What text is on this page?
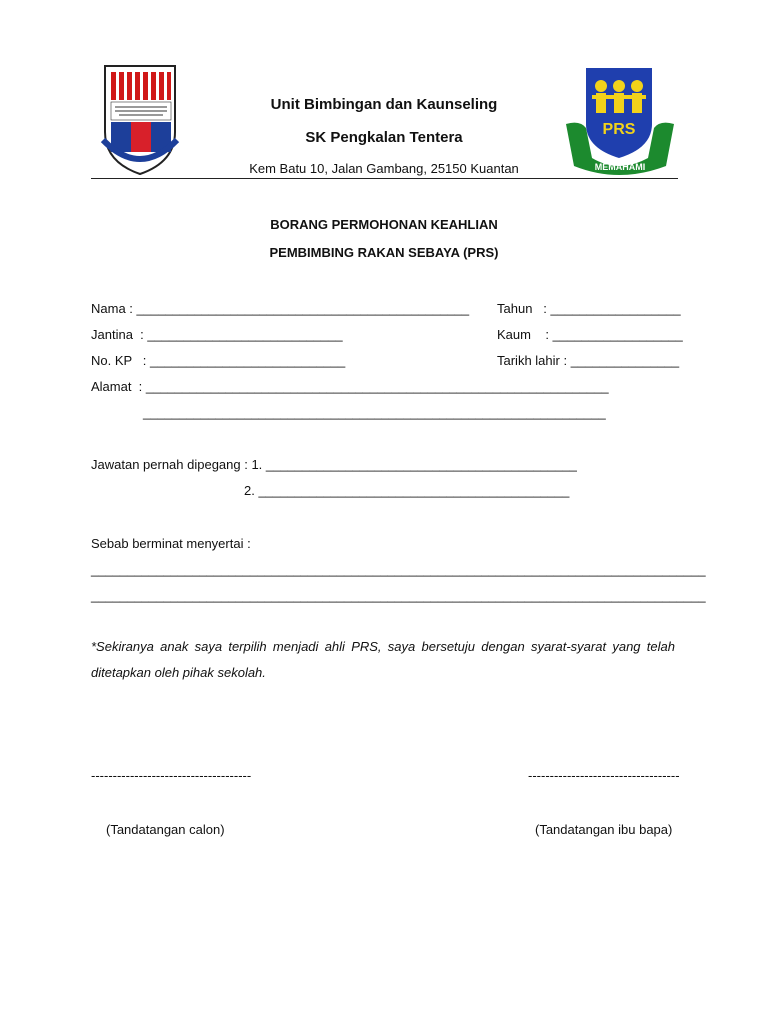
PRS
MEMAHAMI
Unit Bimbingan dan Kaunseling
SK Pengkalan Tentera
Kem Batu 10, Jalan Gambang, 25150 Kuantan
BORANG PERMOHONAN KEAHLIAN
PEMBIMBING RAKAN SEBAYA (PRS)
Nama : ______________________________________________ Tahun   : __________________
Jantina  : ___________________________	Kaum    : __________________
No. KP   : ___________________________	Tarikh lahir : _______________
Alamat  : ________________________________________________________________
________________________________________________________________
Jawatan pernah dipegang : 1. ___________________________________________
2. ___________________________________________
Sebab berminat menyertai :
_____________________________________________________________________________________
_____________________________________________________________________________________
*Sekiranya anak saya terpilih menjadi ahli PRS, saya bersetuju dengan syarat-syarat yang telah ditetapkan oleh pihak sekolah.
-------------------------------------	-----------------------------------
(Tandatangan calon)	(Tandatangan ibu bapa)
